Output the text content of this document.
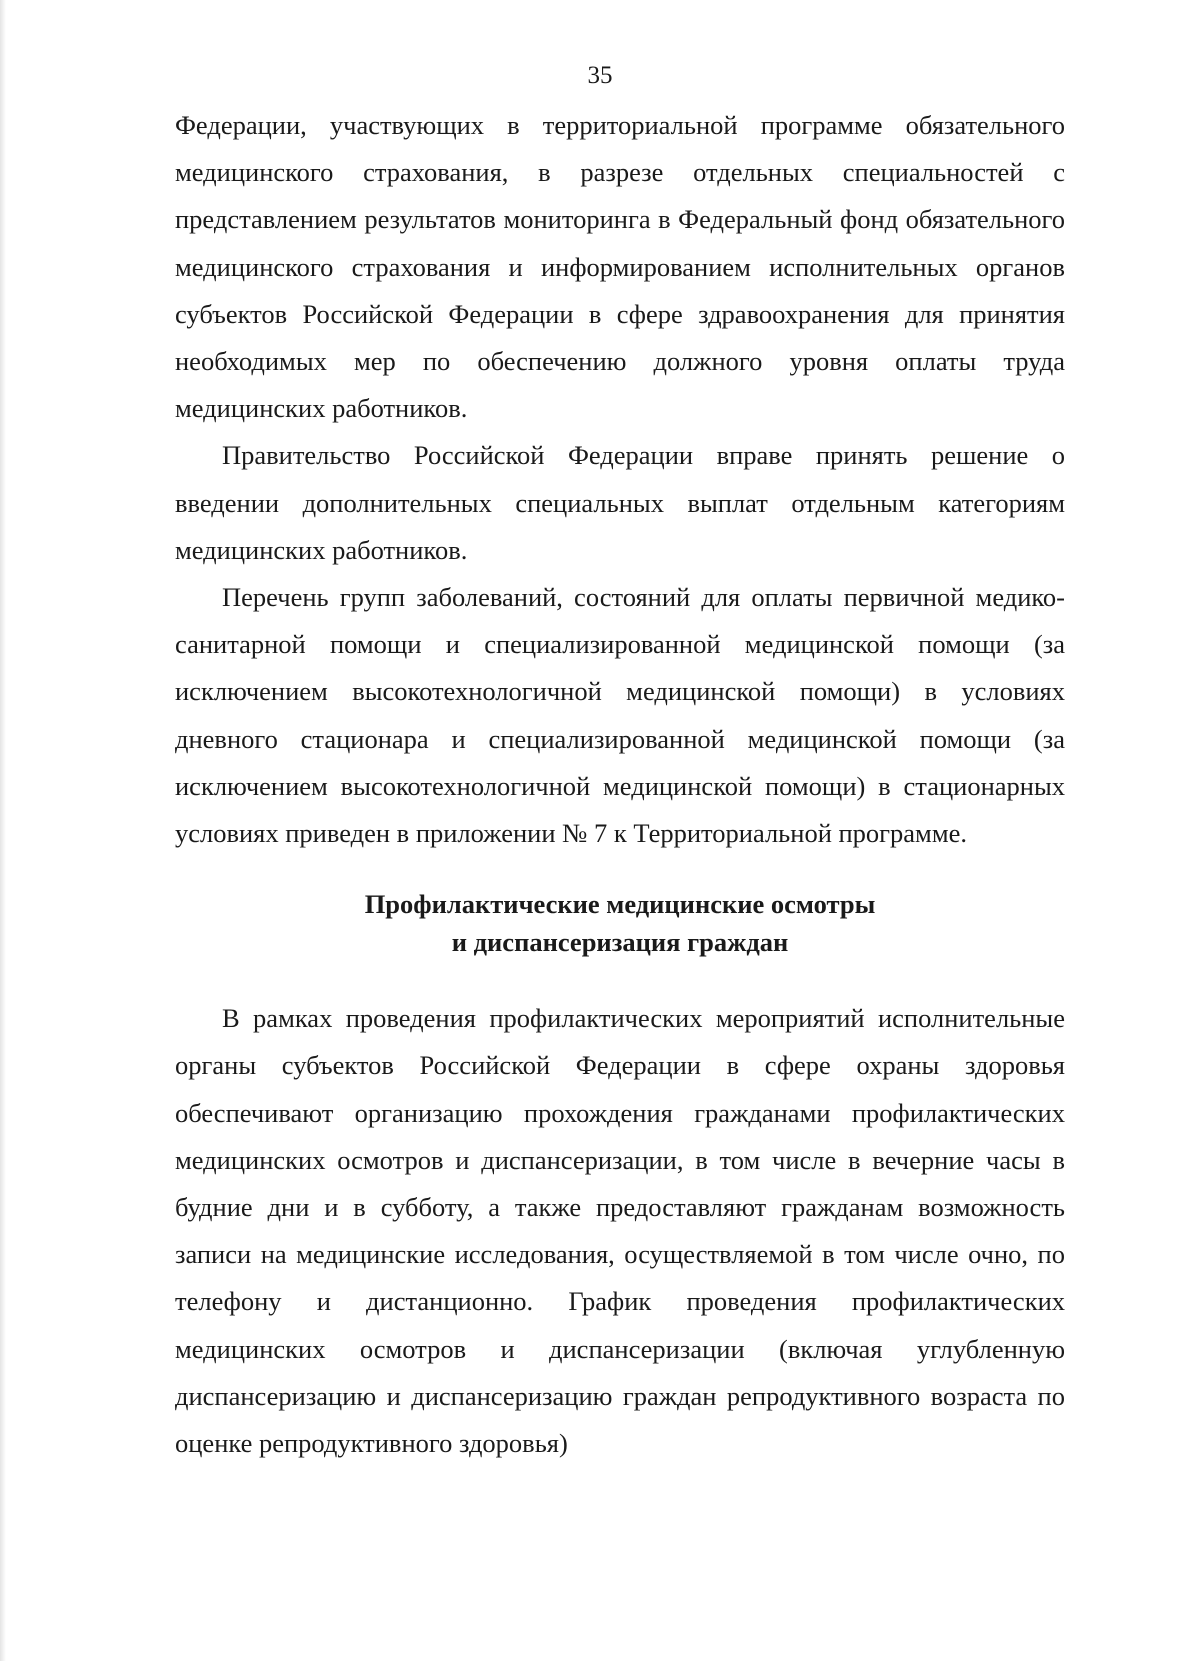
35

Федерации, участвующих в территориальной программе обязательного медицинского страхования, в разрезе отдельных специальностей с представлением результатов мониторинга в Федеральный фонд обязательного медицинского страхования и информированием исполнительных органов субъектов Российской Федерации в сфере здравоохранения для принятия необходимых мер по обеспечению должного уровня оплаты труда медицинских работников.

Правительство Российской Федерации вправе принять решение о введении дополнительных специальных выплат отдельным категориям медицинских работников.

Перечень групп заболеваний, состояний для оплаты первичной медико-санитарной помощи и специализированной медицинской помощи (за исключением высокотехнологичной медицинской помощи) в условиях дневного стационара и специализированной медицинской помощи (за исключением высокотехнологичной медицинской помощи) в стационарных условиях приведен в приложении № 7 к Территориальной программе.

Профилактические медицинские осмотры
и диспансеризация граждан

В рамках проведения профилактических мероприятий исполнительные органы субъектов Российской Федерации в сфере охраны здоровья обеспечивают организацию прохождения гражданами профилактических медицинских осмотров и диспансеризации, в том числе в вечерние часы в будние дни и в субботу, а также предоставляют гражданам возможность записи на медицинские исследования, осуществляемой в том числе очно, по телефону и дистанционно. График проведения профилактических медицинских осмотров и диспансеризации (включая углубленную диспансеризацию и диспансеризацию граждан репродуктивного возраста по оценке репродуктивного здоровья)
